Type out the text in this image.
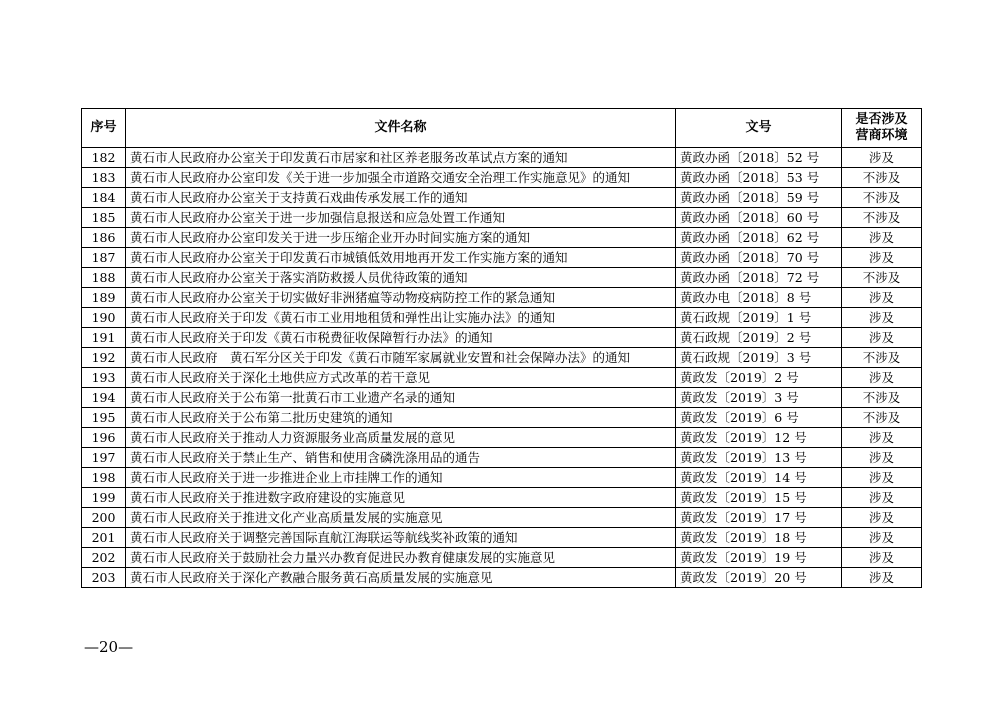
序号	文件名称	文号	是否涉及
营商环境
182	黄石市人民政府办公室关于印发黄石市居家和社区养老服务改革试点方案的通知	黄政办函〔2018〕52 号	涉及
183	黄石市人民政府办公室印发《关于进一步加强全市道路交通安全治理工作实施意见》的通知	黄政办函〔2018〕53 号	不涉及
184	黄石市人民政府办公室关于支持黄石戏曲传承发展工作的通知	黄政办函〔2018〕59 号	不涉及
185	黄石市人民政府办公室关于进一步加强信息报送和应急处置工作通知	黄政办函〔2018〕60 号	不涉及
186	黄石市人民政府办公室印发关于进一步压缩企业开办时间实施方案的通知	黄政办函〔2018〕62 号	涉及
187	黄石市人民政府办公室关于印发黄石市城镇低效用地再开发工作实施方案的通知	黄政办函〔2018〕70 号	涉及
188	黄石市人民政府办公室关于落实消防救援人员优待政策的通知	黄政办函〔2018〕72 号	不涉及
189	黄石市人民政府办公室关于切实做好非洲猪瘟等动物疫病防控工作的紧急通知	黄政办电〔2018〕8 号	涉及
190	黄石市人民政府关于印发《黄石市工业用地租赁和弹性出让实施办法》的通知	黄石政规〔2019〕1 号	涉及
191	黄石市人民政府关于印发《黄石市税费征收保障暂行办法》的通知	黄石政规〔2019〕2 号	涉及
192	黄石市人民政府　黄石军分区关于印发《黄石市随军家属就业安置和社会保障办法》的通知	黄石政规〔2019〕3 号	不涉及
193	黄石市人民政府关于深化土地供应方式改革的若干意见	黄政发〔2019〕2 号	涉及
194	黄石市人民政府关于公布第一批黄石市工业遗产名录的通知	黄政发〔2019〕3 号	不涉及
195	黄石市人民政府关于公布第二批历史建筑的通知	黄政发〔2019〕6 号	不涉及
196	黄石市人民政府关于推动人力资源服务业高质量发展的意见	黄政发〔2019〕12 号	涉及
197	黄石市人民政府关于禁止生产、销售和使用含磷洗涤用品的通告	黄政发〔2019〕13 号	涉及
198	黄石市人民政府关于进一步推进企业上市挂牌工作的通知	黄政发〔2019〕14 号	涉及
199	黄石市人民政府关于推进数字政府建设的实施意见	黄政发〔2019〕15 号	涉及
200	黄石市人民政府关于推进文化产业高质量发展的实施意见	黄政发〔2019〕17 号	涉及
201	黄石市人民政府关于调整完善国际直航江海联运等航线奖补政策的通知	黄政发〔2019〕18 号	涉及
202	黄石市人民政府关于鼓励社会力量兴办教育促进民办教育健康发展的实施意见	黄政发〔2019〕19 号	涉及
203	黄石市人民政府关于深化产教融合服务黄石高质量发展的实施意见	黄政发〔2019〕20 号	涉及
—20—
